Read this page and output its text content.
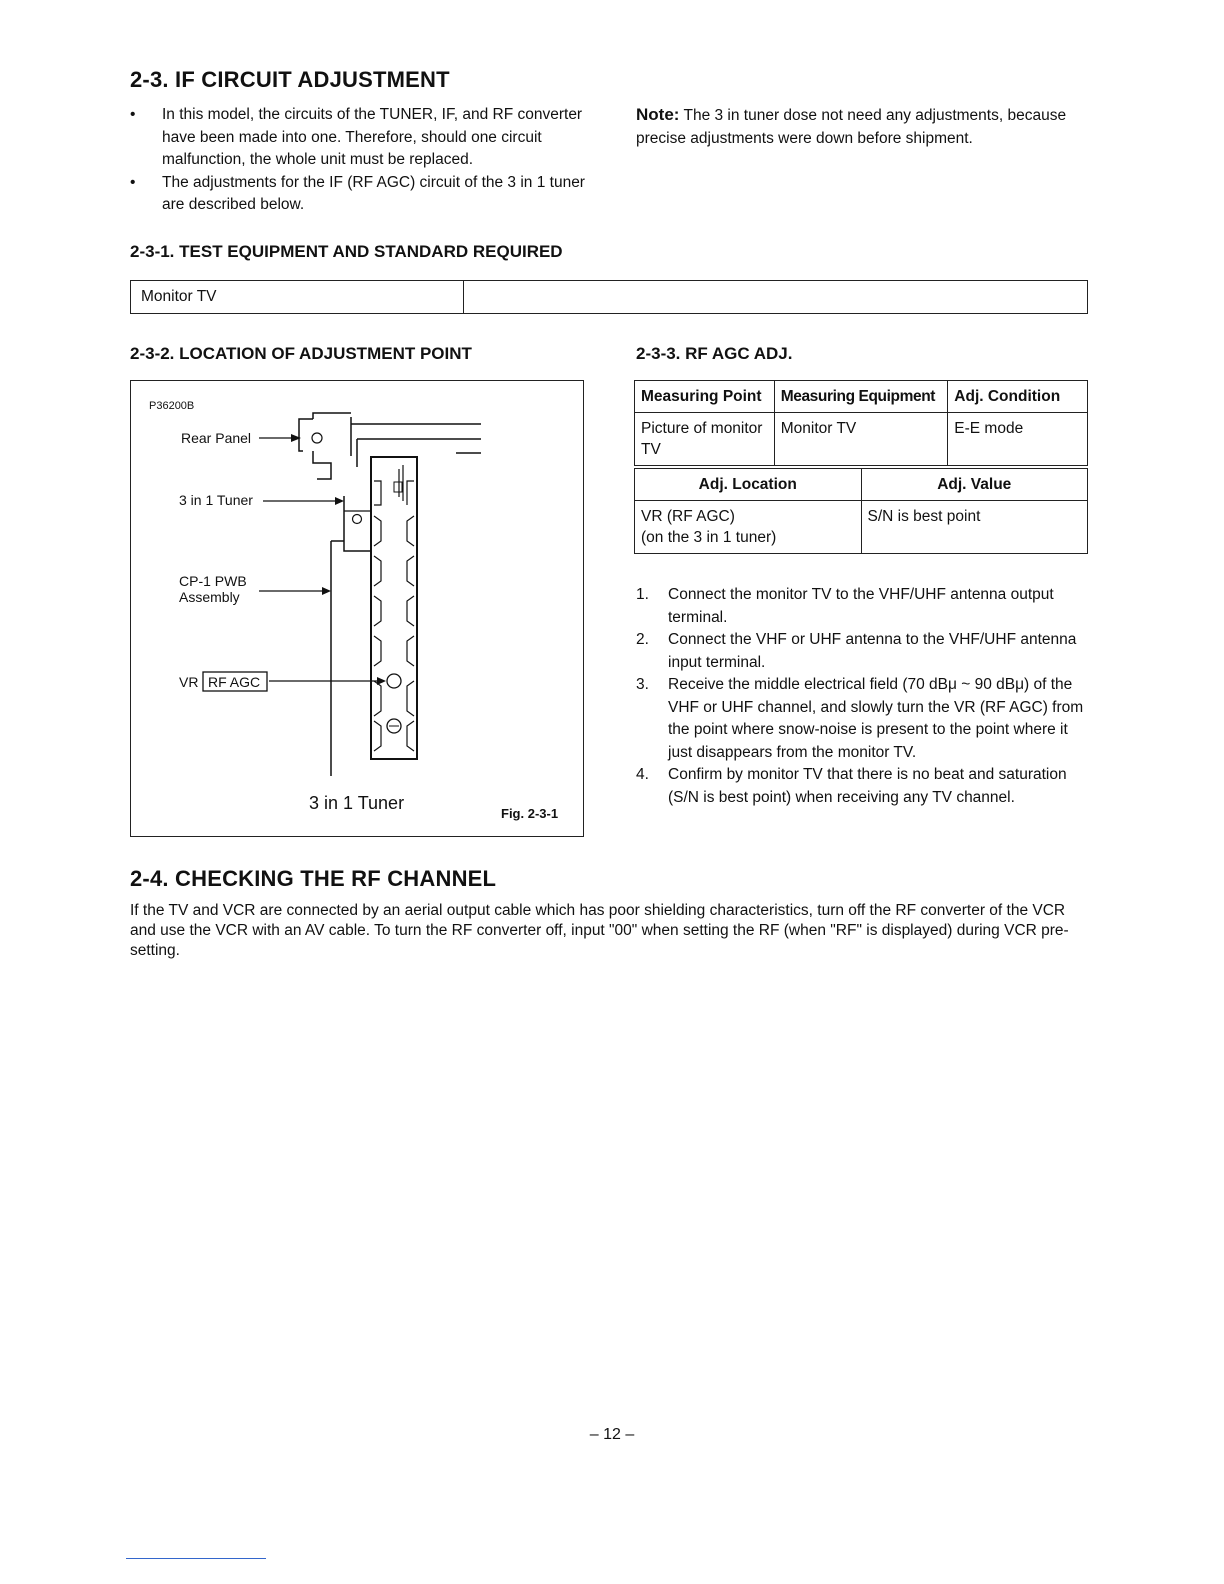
2-3. IF CIRCUIT ADJUSTMENT
• In this model, the circuits of the TUNER, IF, and RF converter have been made into one. Therefore, should one circuit malfunction, the whole unit must be replaced.
• The adjustments for the IF (RF AGC) circuit of the 3 in 1 tuner are described below.
Note: The 3 in tuner dose not need any adjustments, because precise adjustments were down before shipment.
2-3-1. TEST EQUIPMENT AND STANDARD REQUIRED
Monitor TV
2-3-2. LOCATION OF ADJUSTMENT POINT
P36200B
Rear Panel
3 in 1 Tuner
CP-1 PWB
Assembly
VR RF AGC
3 in 1 Tuner
Fig. 2-3-1
2-3-3. RF AGC ADJ.
Measuring Point	Measuring Equipment	Adj. Condition
Picture of monitor TV	Monitor TV	E-E mode
Adj. Location	Adj. Value

VR (RF AGC)
(on the 3 in 1 tuner)	S/N is best point
1. Connect the monitor TV to the VHF/UHF antenna output terminal.
2. Connect the VHF or UHF antenna to the VHF/UHF antenna input terminal.
3. Receive the middle electrical field (70 dBμ ~ 90 dBμ) of the VHF or UHF channel, and slowly turn the VR (RF AGC) from the point where snow-noise is present to the point where it just disappears from the monitor TV.
4. Confirm by monitor TV that there is no beat and saturation (S/N is best point) when receiving any TV channel.
2-4. CHECKING THE RF CHANNEL
If the TV and VCR are connected by an aerial output cable which has poor shielding characteristics, turn off the RF converter of the VCR and use the VCR with an AV cable. To turn the RF converter off, input "00" when setting the RF (when "RF" is displayed) during VCR pre-setting.
– 12 –
